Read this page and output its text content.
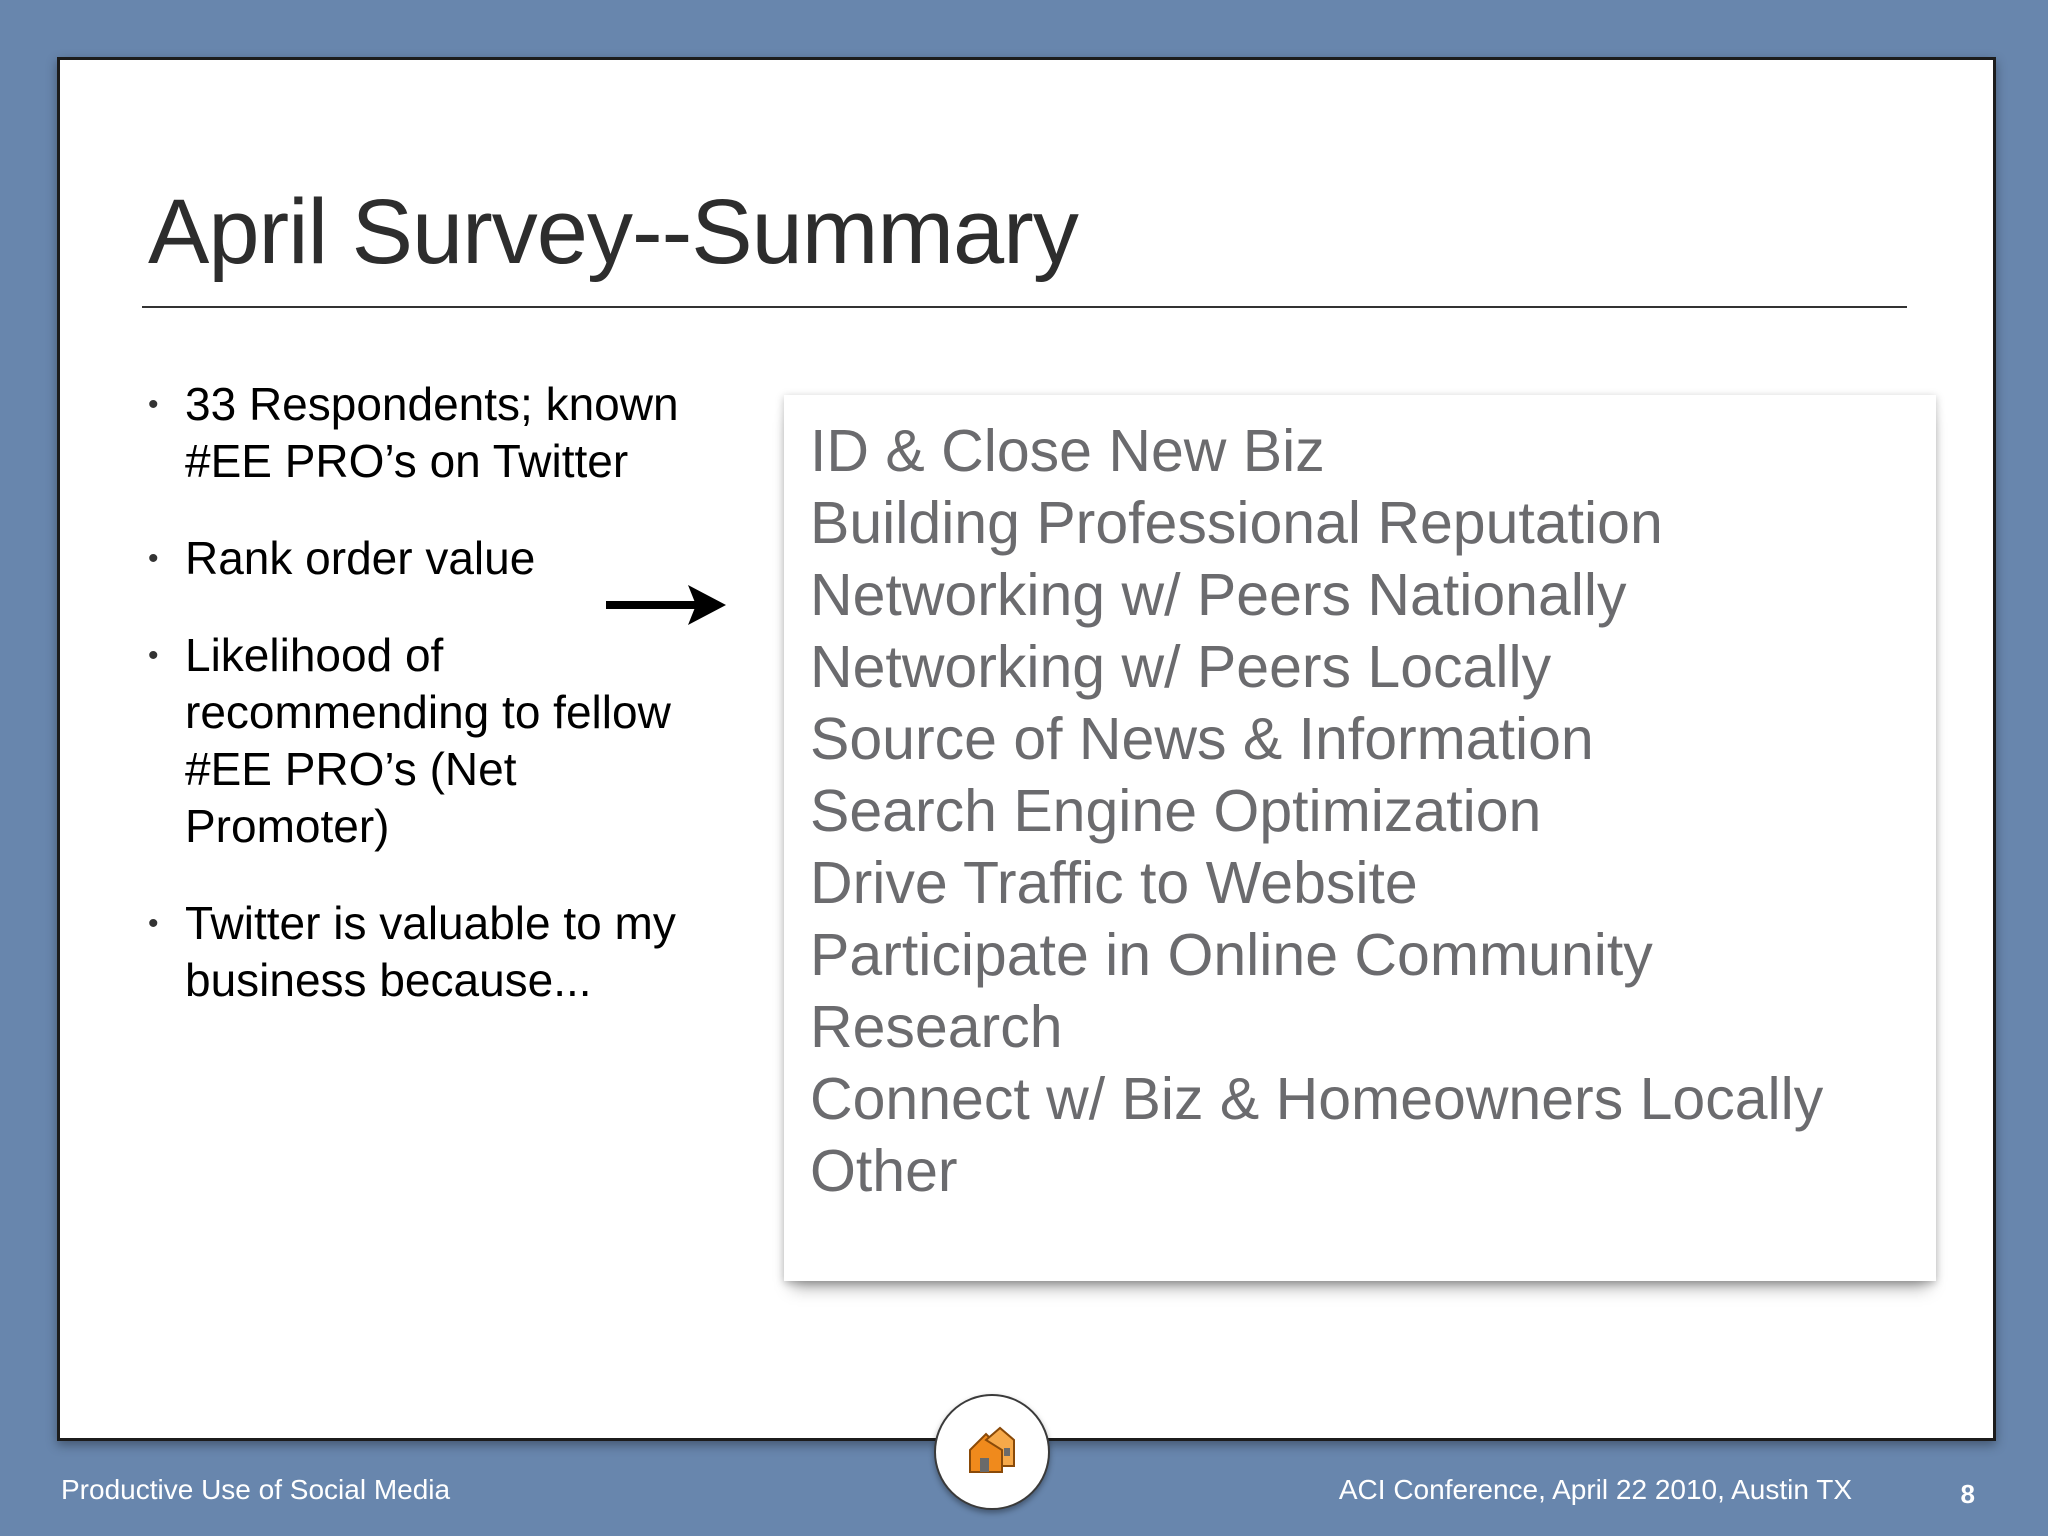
April Survey--Summary
• 33 Respondents; known #EE PRO’s on Twitter
• Rank order value
• Likelihood of recommending to fellow #EE PRO’s (Net Promoter)
• Twitter is valuable to my business because...
ID & Close New Biz
Building Professional Reputation
Networking w/ Peers Nationally
Networking w/ Peers Locally
Source of News & Information
Search Engine Optimization
Drive Traffic to Website
Participate in Online Community
Research
Connect w/ Biz & Homeowners Locally
Other
Productive Use of Social Media	ACI Conference, April 22 2010, Austin TX	8
